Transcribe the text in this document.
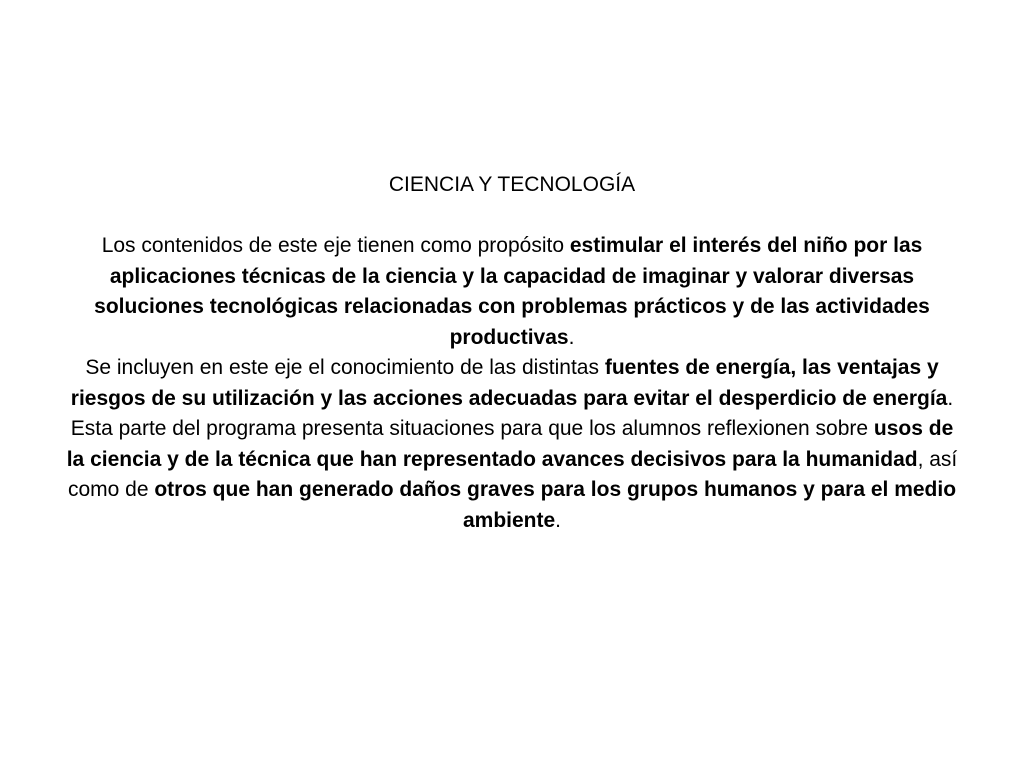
CIENCIA Y TECNOLOGÍA

Los contenidos de este eje tienen como propósito estimular el interés del niño por las aplicaciones técnicas de la ciencia y la capacidad de imaginar y valorar diversas soluciones tecnológicas relacionadas con problemas prácticos y de las actividades productivas.

Se incluyen en este eje el conocimiento de las distintas fuentes de energía, las ventajas y riesgos de su utilización y las acciones adecuadas para evitar el desperdicio de energía.

Esta parte del programa presenta situaciones para que los alumnos reflexionen sobre usos de la ciencia y de la técnica que han representado avances decisivos para la humanidad, así como de otros que han generado daños graves para los grupos humanos y para el medio ambiente.
